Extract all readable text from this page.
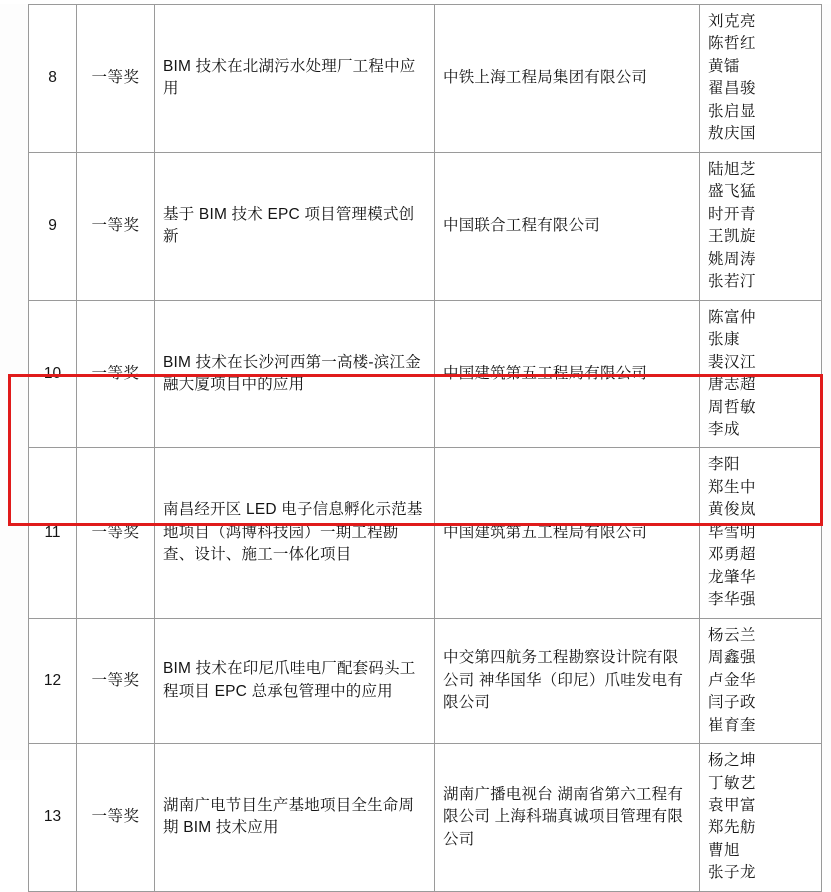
8	一等奖	BIM 技术在北湖污水处理厂工程中应用	中铁上海工程局集团有限公司	
刘克亮
陈哲红
黄镭
翟昌骏
张启显
敖庆国

9	一等奖	基于 BIM 技术 EPC 项目管理模式创新	中国联合工程有限公司	
陆旭芝
盛飞猛
时开青
王凯旋
姚周涛
张若汀

10	一等奖	BIM 技术在长沙河西第一高楼-滨江金融大厦项目中的应用	中国建筑第五工程局有限公司	
陈富仲
张康
裴汉江
唐志超
周哲敏
李成

11	一等奖	南昌经开区 LED 电子信息孵化示范基地项目（鸿博科技园）一期工程勘查、设计、施工一体化项目	中国建筑第五工程局有限公司	
李阳
郑生中
黄俊岚
毕雪明
邓勇超
龙肇华
李华强

12	一等奖	BIM 技术在印尼爪哇电厂配套码头工程项目 EPC 总承包管理中的应用	中交第四航务工程勘察设计院有限公司 神华国华（印尼）爪哇发电有限公司	杨云兰
周鑫强
卢金华
闫子政
崔育奎

13	一等奖	湖南广电节目生产基地项目全生命周期 BIM 技术应用	湖南广播电视台 湖南省第六工程有限公司 上海科瑞真诚项目管理有限公司	
杨之坤
丁敏艺
袁甲富
郑先舫
曹旭
张子龙
